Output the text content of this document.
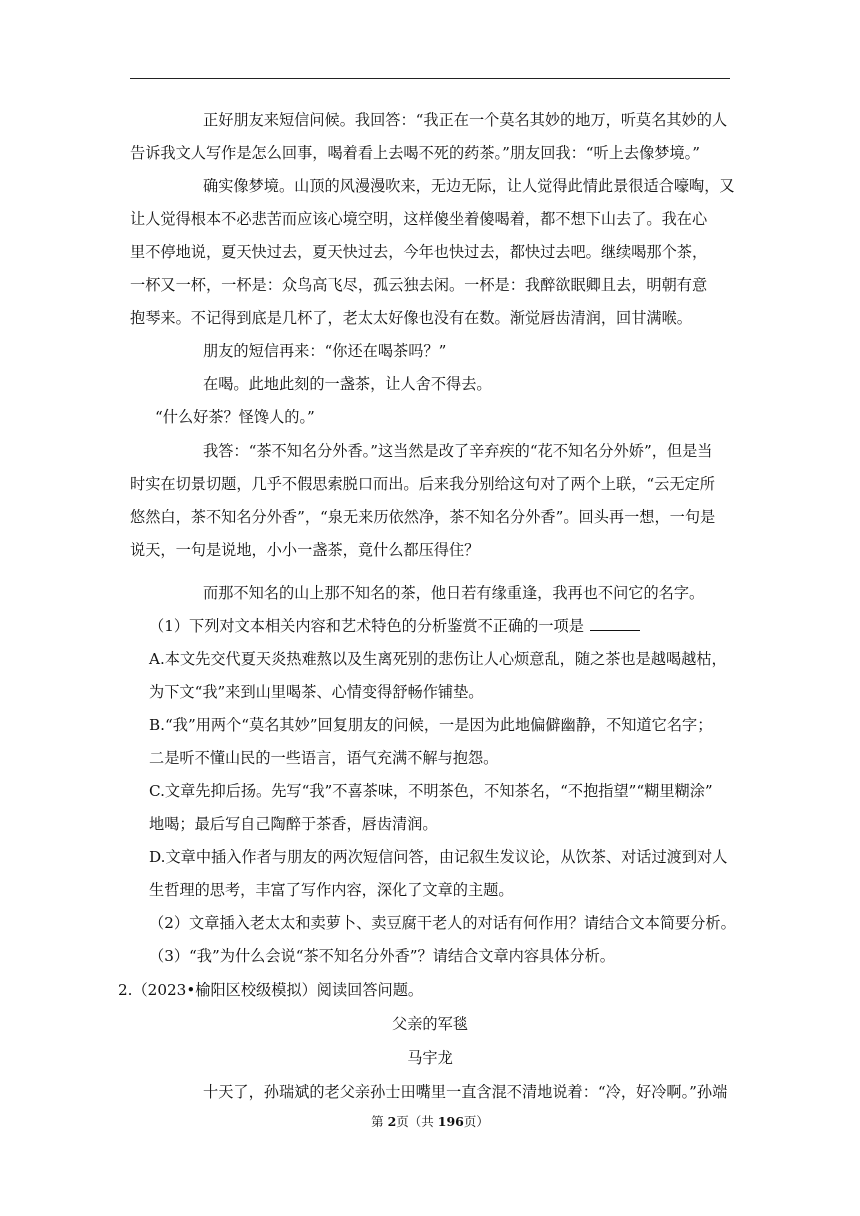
正好朋友来短信问候。我回答：“我正在一个莫名其妙的地万，听莫名其妙的人
告诉我文人写作是怎么回事，喝着看上去喝不死的药茶。”朋友回我：“听上去像梦境。”
确实像梦境。山顶的风漫漫吹来，无边无际，让人觉得此情此景很适合嚎啕，又
让人觉得根本不必悲苦而应该心境空明，这样傻坐着傻喝着，都不想下山去了。我在心
里不停地说，夏天快过去，夏天快过去，今年也快过去，都快过去吧。继续喝那个茶，
一杯又一杯，一杯是：众鸟高飞尽，孤云独去闲。一杯是：我醉欲眠卿且去，明朝有意
抱琴来。不记得到底是几杯了，老太太好像也没有在数。渐觉唇齿清润，回甘满喉。
朋友的短信再来：“你还在喝茶吗？”
在喝。此地此刻的一盏茶，让人舍不得去。
“什么好茶？怪馋人的。”
我答：“茶不知名分外香。”这当然是改了辛弃疾的“花不知名分外娇”，但是当
时实在切景切题，几乎不假思索脱口而出。后来我分别给这句对了两个上联，“云无定所
悠然白，茶不知名分外香”，“泉无来历依然净，茶不知名分外香”。回头再一想，一句是
说天，一句是说地，小小一盏茶，竟什么都压得住？
而那不知名的山上那不知名的茶，他日若有缘重逢，我再也不问它的名字。
（1）下列对文本相关内容和艺术特色的分析鉴赏不正确的一项是
A.本文先交代夏天炎热难熬以及生离死别的悲伤让人心烦意乱，随之茶也是越喝越枯，
为下文“我”来到山里喝茶、心情变得舒畅作铺垫。
B.“我”用两个“莫名其妙”回复朋友的问候，一是因为此地偏僻幽静，不知道它名字；
二是听不懂山民的一些语言，语气充满不解与抱怨。
C.文章先抑后扬。先写“我”不喜茶味，不明茶色，不知茶名，“不抱指望”“糊里糊涂”
地喝；最后写自己陶醉于茶香，唇齿清润。
D.文章中插入作者与朋友的两次短信问答，由记叙生发议论，从饮茶、对话过渡到对人
生哲理的思考，丰富了写作内容，深化了文章的主题。
（2）文章插入老太太和卖萝卜、卖豆腐干老人的对话有何作用？请结合文本简要分析。
（3）“我”为什么会说“茶不知名分外香”？请结合文章内容具体分析。
2.（2023•榆阳区校级模拟）阅读回答问题。
父亲的军毯
马宇龙
十天了，孙瑞斌的老父亲孙士田嘴里一直含混不清地说着：“冷，好冷啊。”孙端
第 2页（共 196页）
